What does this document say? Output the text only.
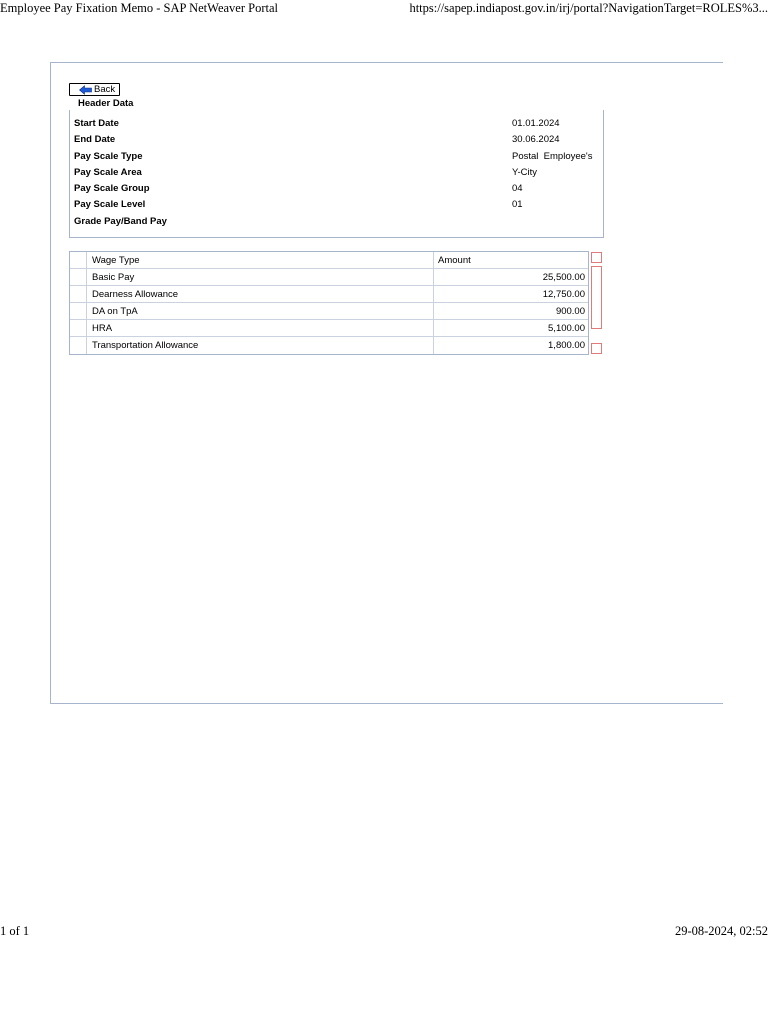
Employee Pay Fixation Memo - SAP NetWeaver Portal	https://sapep.indiapost.gov.in/irj/portal?NavigationTarget=ROLES%3...
Back
Header Data
Start Date	01.01.2024
End Date	30.06.2024
Pay Scale Type	Postal  Employee's
Pay Scale Area	Y-City
Pay Scale Group	04
Pay Scale Level	01
Grade Pay/Band Pay
Wage Type	Amount
Basic Pay	25,500.00
Dearness Allowance	12,750.00
DA on TpA	900.00
HRA	5,100.00
Transportation Allowance	1,800.00
1 of 1	29-08-2024, 02:52
